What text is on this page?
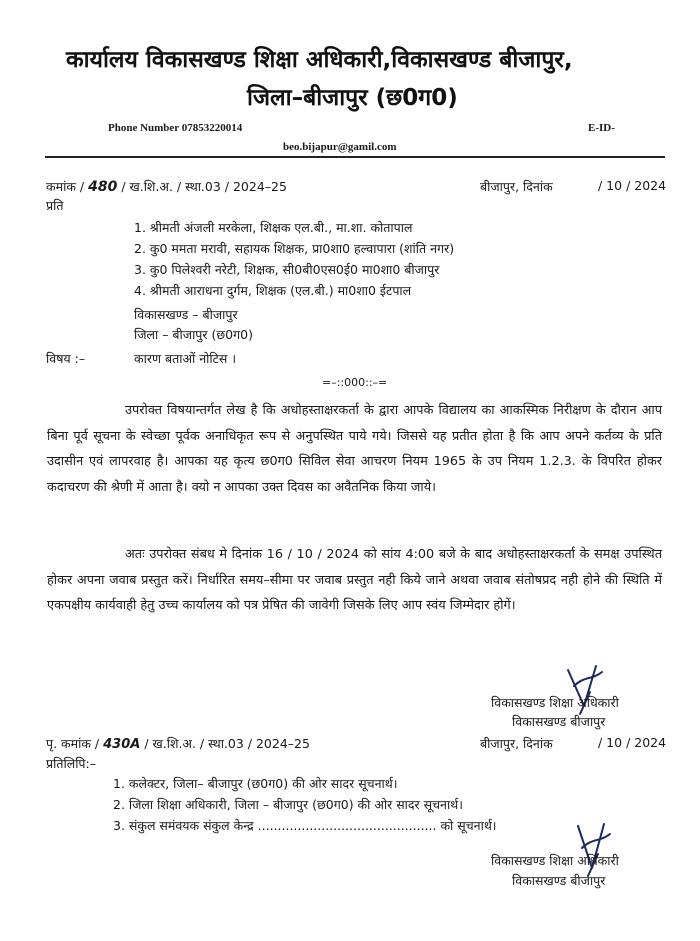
कार्यालय विकासखण्ड शिक्षा अधिकारी,विकासखण्ड बीजापुर,
जिला–बीजापुर (छ0ग0)
Phone Number 07853220014	E-ID-
beo.bijapur@gamil.com
कमांक / 480 / ख.शि.अ. / स्था.03 / 2024–25	बीजापुर, दिनांक	/ 10 / 2024
प्रति
1. श्रीमती अंजली मरकेला, शिक्षक एल.बी., मा.शा. कोतापाल
2. कु0 ममता मरावी, सहायक शिक्षक, प्रा0शा0 हल्वापारा (शांति नगर)
3. कु0 पिलेश्वरी नरेटी, शिक्षक, सी0बी0एस0ई0 मा0शा0 बीजापुर
4. श्रीमती आराधना दुर्गम, शिक्षक (एल.बी.) मा0शा0 ईटपाल
विकासखण्ड – बीजापुर
जिला – बीजापुर (छ0ग0)
विषय :–	कारण बताओं नोटिस ।
=–::000::–=
उपरोक्त विषयान्तर्गत लेख है कि अधोहस्ताक्षरकर्ता के द्वारा आपके विद्यालय का आकस्मिक निरीक्षण के दौरान आप बिना पूर्व सूचना के स्वेच्छा पूर्वक अनाधिकृत रूप से अनुपस्थित पाये गये। जिससे यह प्रतीत होता है कि आप अपने कर्तव्य के प्रति उदासीन एवं लापरवाह है। आपका यह कृत्य छ0ग0 सिविल सेवा आचरण नियम 1965 के उप नियम 1.2.3. के विपरित होकर कदाचरण की श्रेणी में आता है। क्यो न आपका उक्त दिवस का अवैतनिक किया जाये।
अतः उपरोक्त संबध मे दिनांक 16 / 10 / 2024 को सांय 4:00 बजे के बाद अधोहस्ताक्षरकर्ता के समक्ष उपस्थित होकर अपना जवाब प्रस्तुत करें। निर्धारित समय–सीमा पर जवाब प्रस्तुत नही किये जाने अथवा जवाब संतोषप्रद नही होने की स्थिति में एकपक्षीय कार्यवाही हेतु उच्च कार्यालय को पत्र प्रेषित की जावेगी जिसके लिए आप स्वंय जिम्मेदार होगें।
विकासखण्ड शिक्षा अधिकारी
विकासखण्ड बीजापुर
पृ. कमांक / 430A / ख.शि.अ. / स्था.03 / 2024–25	बीजापुर, दिनांक	/ 10 / 2024
प्रतिलिपि:–
1. कलेक्टर, जिला– बीजापुर (छ0ग0) की ओर सादर सूचनार्थ।
2. जिला शिक्षा अधिकारी, जिला – बीजापुर (छ0ग0) की ओर सादर सूचनार्थ।
3. संकुल समंवयक संकुल केन्द्र ............................................. को सूचनार्थ।
विकासखण्ड शिक्षा अधिकारी
विकासखण्ड बीजापुर
